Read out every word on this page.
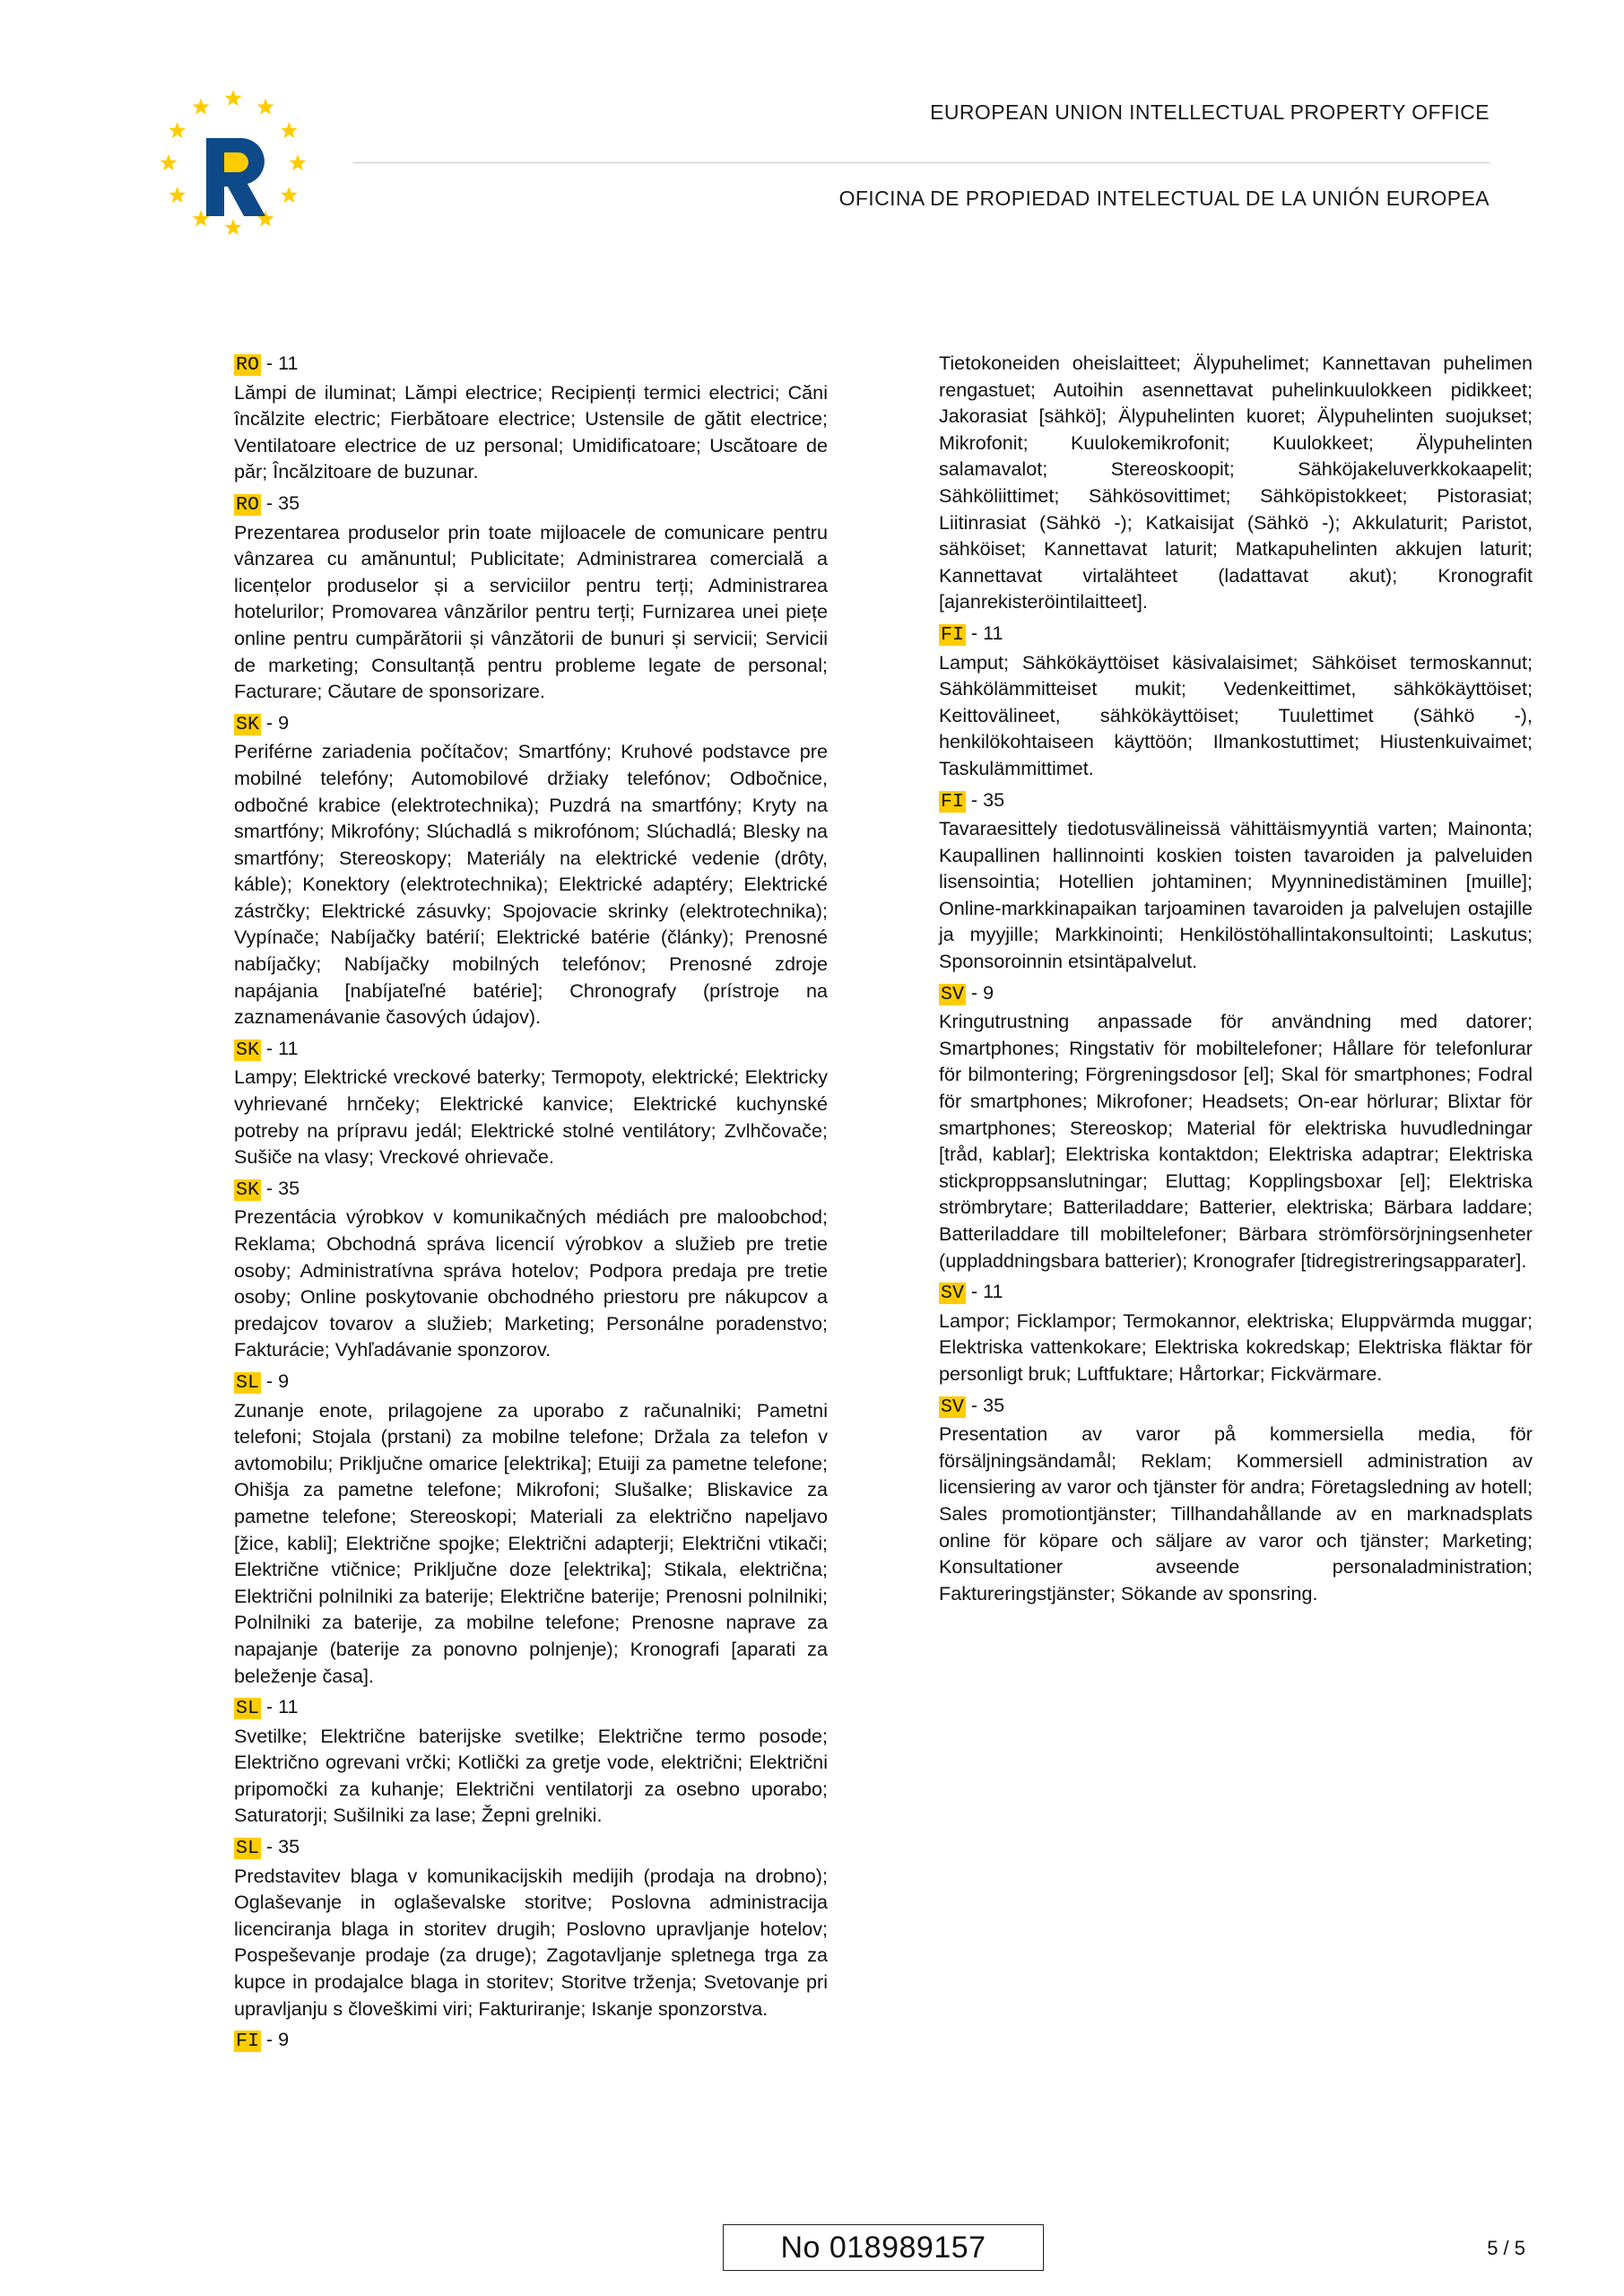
EUROPEAN UNION INTELLECTUAL PROPERTY OFFICE
OFICINA DE PROPIEDAD INTELECTUAL DE LA UNIÓN EUROPEA
RO - 11
Lămpi de iluminat; Lămpi electrice; Recipienți termici electrici; Căni încălzite electric; Fierbătoare electrice; Ustensile de gătit electrice; Ventilatoare electrice de uz personal; Umidificatoare; Uscătoare de păr; Încălzitoare de buzunar.
RO - 35
Prezentarea produselor prin toate mijloacele de comunicare pentru vânzarea cu amănuntul; Publicitate; Administrarea comercială a licențelor produselor și a serviciilor pentru terți; Administrarea hotelurilor; Promovarea vânzărilor pentru terți; Furnizarea unei piețe online pentru cumpărătorii și vânzătorii de bunuri și servicii; Servicii de marketing; Consultanță pentru probleme legate de personal; Facturare; Căutare de sponsorizare.
SK - 9
Periférne zariadenia počítačov; Smartfóny; Kruhové podstavce pre mobilné telefóny; Automobilové držiaky telefónov; Odbočnice, odbočné krabice (elektrotechnika); Puzdrá na smartfóny; Kryty na smartfóny; Mikrofóny; Slúchadlá s mikrofónom; Slúchadlá; Blesky na smartfóny; Stereoskopy; Materiály na elektrické vedenie (drôty, káble); Konektory (elektrotechnika); Elektrické adaptéry; Elektrické zástrčky; Elektrické zásuvky; Spojovacie skrinky (elektrotechnika); Vypínače; Nabíjačky batérií; Elektrické batérie (články); Prenosné nabíjačky; Nabíjačky mobilných telefónov; Prenosné zdroje napájania [nabíjateľné batérie]; Chronografy (prístroje na zaznamenávanie časových údajov).
SK - 11
Lampy; Elektrické vreckové baterky; Termopoty, elektrické; Elektricky vyhrievané hrnčeky; Elektrické kanvice; Elektrické kuchynské potreby na prípravu jedál; Elektrické stolné ventilátory; Zvlhčovače; Sušiče na vlasy; Vreckové ohrievače.
SK - 35
Prezentácia výrobkov v komunikačných médiách pre maloobchod; Reklama; Obchodná správa licencií výrobkov a služieb pre tretie osoby; Administratívna správa hotelov; Podpora predaja pre tretie osoby; Online poskytovanie obchodného priestoru pre nákupcov a predajcov tovarov a služieb; Marketing; Personálne poradenstvo; Fakturácie; Vyhľadávanie sponzorov.
SL - 9
Zunanje enote, prilagojene za uporabo z računalniki; Pametni telefoni; Stojala (prstani) za mobilne telefone; Držala za telefon v avtomobilu; Priključne omarice [elektrika]; Etuiji za pametne telefone; Ohišja za pametne telefone; Mikrofoni; Slušalke; Bliskavice za pametne telefone; Stereoskopi; Materiali za električno napeljavo [žice, kabli]; Električne spojke; Električni adapterji; Električni vtikači; Električne vtičnice; Priključne doze [elektrika]; Stikala, električna; Električni polnilniki za baterije; Električne baterije; Prenosni polnilniki; Polnilniki za baterije, za mobilne telefone; Prenosne naprave za napajanje (baterije za ponovno polnjenje); Kronografi [aparati za beleženje časa].
SL - 11
Svetilke; Električne baterijske svetilke; Električne termo posode; Električno ogrevani vrčki; Kotlički za gretje vode, električni; Električni pripomočki za kuhanje; Električni ventilatorji za osebno uporabo; Saturatorji; Sušilniki za lase; Žepni grelniki.
SL - 35
Predstavitev blaga v komunikacijskih medijih (prodaja na drobno); Oglaševanje in oglaševalske storitve; Poslovna administracija licenciranja blaga in storitev drugih; Poslovno upravljanje hotelov; Pospeševanje prodaje (za druge); Zagotavljanje spletnega trga za kupce in prodajalce blaga in storitev; Storitve trženja; Svetovanje pri upravljanju s človeškimi viri; Fakturiranje; Iskanje sponzorstva.
FI - 9
Tietokoneiden oheislaitteet; Älypuhelimet; Kannettavan puhelimen rengastuet; Autoihin asennettavat puhelinkuulokkeen pidikkeet; Jakorasiat [sähkö]; Älypuhelinten kuoret; Älypuhelinten suojukset; Mikrofonit; Kuulokemikrofonit; Kuulokkeet; Älypuhelinten salamavalot; Stereoskoopit; Sähköjakeluverkkokaapelit; Sähköliittimet; Sähkösovittimet; Sähköpistokkeet; Pistorasiat; Liitinrasiat (Sähkö -); Katkaisijat (Sähkö -); Akkulaturit; Paristot, sähköiset; Kannettavat laturit; Matkapuhelinten akkujen laturit; Kannettavat virtalähteet (ladattavat akut); Kronografit [ajanrekisteröintilaitteet].
FI - 11
Lamput; Sähkökäyttöiset käsivalaisimet; Sähköiset termoskannut; Sähkölämmitteiset mukit; Vedenkeittimet, sähkökäyttöiset; Keittovälineet, sähkökäyttöiset; Tuulettimet (Sähkö -), henkilökohtaiseen käyttöön; Ilmankostuttimet; Hiustenkuivaimet; Taskulämmittimet.
FI - 35
Tavaraesittely tiedotusvälineissä vähittäismyyntiä varten; Mainonta; Kaupallinen hallinnointi koskien toisten tavaroiden ja palveluiden lisensointia; Hotellien johtaminen; Myynninedistäminen [muille]; Online-markkinapaikan tarjoaminen tavaroiden ja palvelujen ostajille ja myyjille; Markkinointi; Henkilöstöhallintakonsultointi; Laskutus; Sponsoroinnin etsintäpalvelut.
SV - 9
Kringutrustning anpassade för användning med datorer; Smartphones; Ringstativ för mobiltelefoner; Hållare för telefonlurar för bilmontering; Förgreningsdosor [el]; Skal för smartphones; Fodral för smartphones; Mikrofoner; Headsets; On-ear hörlurar; Blixtar för smartphones; Stereoskop; Material för elektriska huvudledningar [tråd, kablar]; Elektriska kontaktdon; Elektriska adaptrar; Elektriska stickproppsanslutningar; Eluttag; Kopplingsboxar [el]; Elektriska strömbrytare; Batteriladdare; Batterier, elektriska; Bärbara laddare; Batteriladdare till mobiltelefoner; Bärbara strömförsörjningsenheter (uppladdningsbara batterier); Kronografer [tidregistreringsapparater].
SV - 11
Lampor; Ficklampor; Termokannor, elektriska; Eluppvärmda muggar; Elektriska vattenkokare; Elektriska kokredskap; Elektriska fläktar för personligt bruk; Luftfuktare; Hårtorkar; Fickvärmare.
SV - 35
Presentation av varor på kommersiella media, för försäljningsändamål; Reklam; Kommersiell administration av licensiering av varor och tjänster för andra; Företagsledning av hotell; Sales promotiontjänster; Tillhandahållande av en marknadsplats online för köpare och säljare av varor och tjänster; Marketing; Konsultationer avseende personaladministration; Faktureringstjänster; Sökande av sponsring.
No 018989157	5 / 5
